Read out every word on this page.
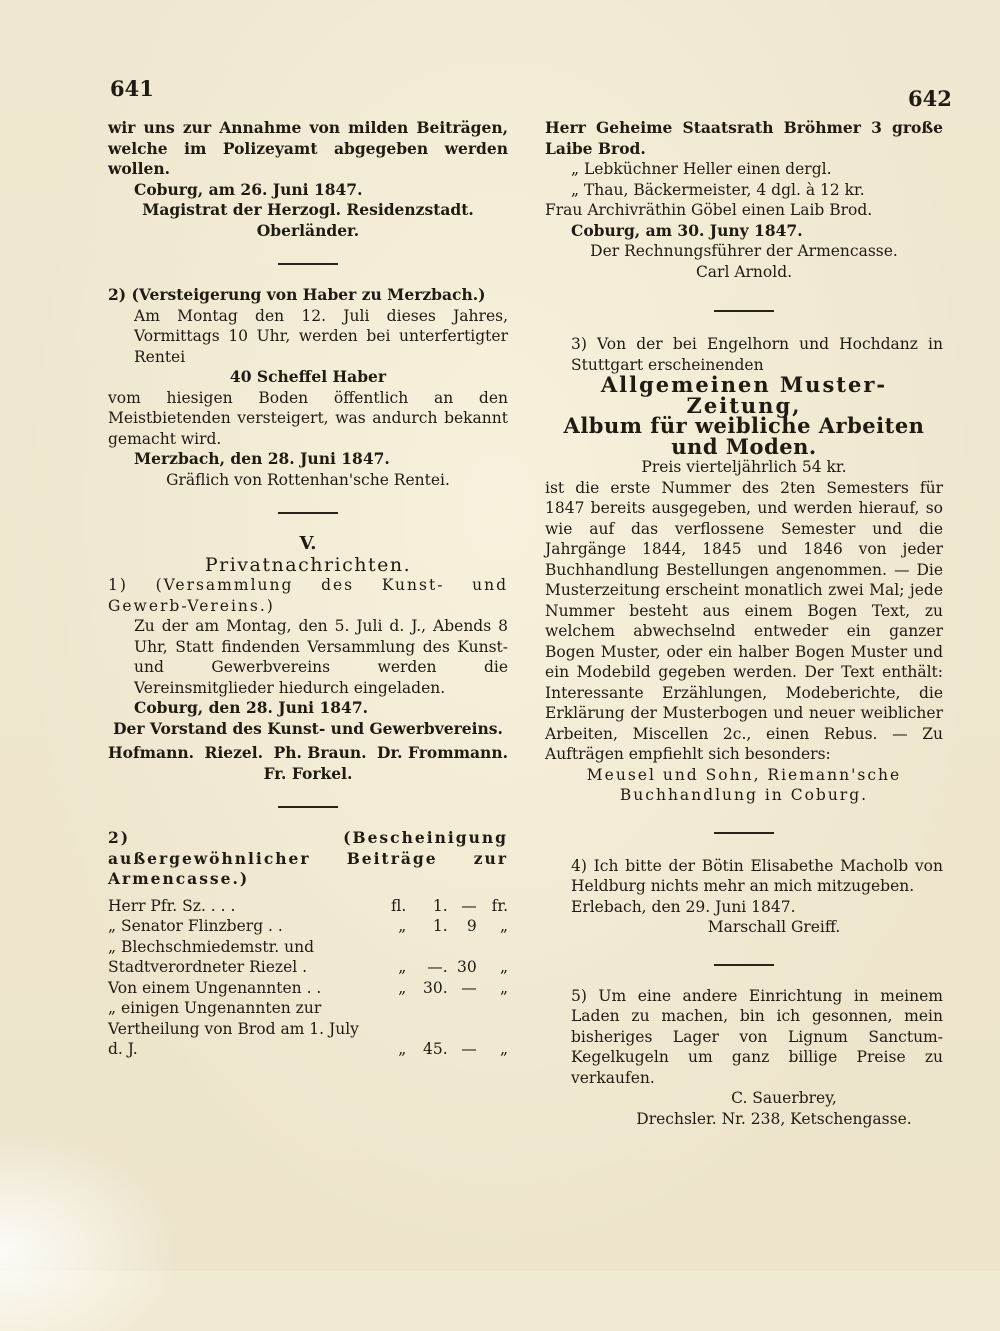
641	642

wir uns zur Annahme von milden Beiträgen, welche im Polizeyamt abgegeben werden wollen.

Coburg, am 26. Juni 1847.

Magistrat der Herzogl. Residenzstadt.

Oberländer.

2) (Versteigerung von Haber zu Merzbach.)

Am Montag den 12. Juli dieses Jahres, Vormittags 10 Uhr, werden bei unterfertigter Rentei

40 Scheffel Haber

vom hiesigen Boden öffentlich an den Meistbietenden versteigert, was andurch bekannt gemacht wird.

Merzbach, den 28. Juni 1847.

Gräflich von Rottenhan'sche Rentei.

V.

Privatnachrichten.

1) (Versammlung des Kunst- und Gewerb-Vereins.)

Zu der am Montag, den 5. Juli d. J., Abends 8 Uhr, Statt findenden Versammlung des Kunst- und Gewerbvereins werden die Vereinsmitglieder hiedurch eingeladen.

Coburg, den 28. Juni 1847.

Der Vorstand des Kunst- und Gewerbvereins.

Hofmann. Riezel. Ph. Braun. Dr. Frommann.

Fr. Forkel.

2) (Bescheinigung außergewöhnlicher Beiträge zur Armencasse.)

Herr Pfr. Sz. . . .	fl.	1.	—	fr.
„ Senator Flinzberg . .	„	1.	9	„
„ Blechschmiedemstr. und Stadtverordneter Riezel .	„	—.	30	„
Von einem Ungenannten . .	„	30.	—	„
„ einigen Ungenannten zur Vertheilung von Brod am 1. July d. J.	„	45.	—	„

Herr Geheime Staatsrath Bröhmer 3 große Laibe Brod.

„ Lebküchner Heller einen dergl.

„ Thau, Bäckermeister, 4 dgl. à 12 kr.

Frau Archivräthin Göbel einen Laib Brod.

Coburg, am 30. Juny 1847.

Der Rechnungsführer der Armencasse.

Carl Arnold.

3) Von der bei Engelhorn und Hochdanz in Stuttgart erscheinenden

Allgemeinen Muster-Zeitung,

Album für weibliche Arbeiten und Moden.

Preis vierteljährlich 54 kr.

ist die erste Nummer des 2ten Semesters für 1847 bereits ausgegeben, und werden hierauf, so wie auf das verflossene Semester und die Jahrgänge 1844, 1845 und 1846 von jeder Buchhandlung Bestellungen angenommen. — Die Musterzeitung erscheint monatlich zwei Mal; jede Nummer besteht aus einem Bogen Text, zu welchem abwechselnd entweder ein ganzer Bogen Muster, oder ein halber Bogen Muster und ein Modebild gegeben werden. Der Text enthält: Interessante Erzählungen, Modeberichte, die Erklärung der Musterbogen und neuer weiblicher Arbeiten, Miscellen 2c., einen Rebus. — Zu Aufträgen empfiehlt sich besonders:

Meusel und Sohn, Riemann'sche

Buchhandlung in Coburg.

4) Ich bitte der Bötin Elisabethe Macholb von Heldburg nichts mehr an mich mitzugeben.

Erlebach, den 29. Juni 1847.

Marschall Greiff.

5) Um eine andere Einrichtung in meinem Laden zu machen, bin ich gesonnen, mein bisheriges Lager von Lignum Sanctum-Kegelkugeln um ganz billige Preise zu verkaufen.

C. Sauerbrey,

Drechsler. Nr. 238, Ketschengasse.
